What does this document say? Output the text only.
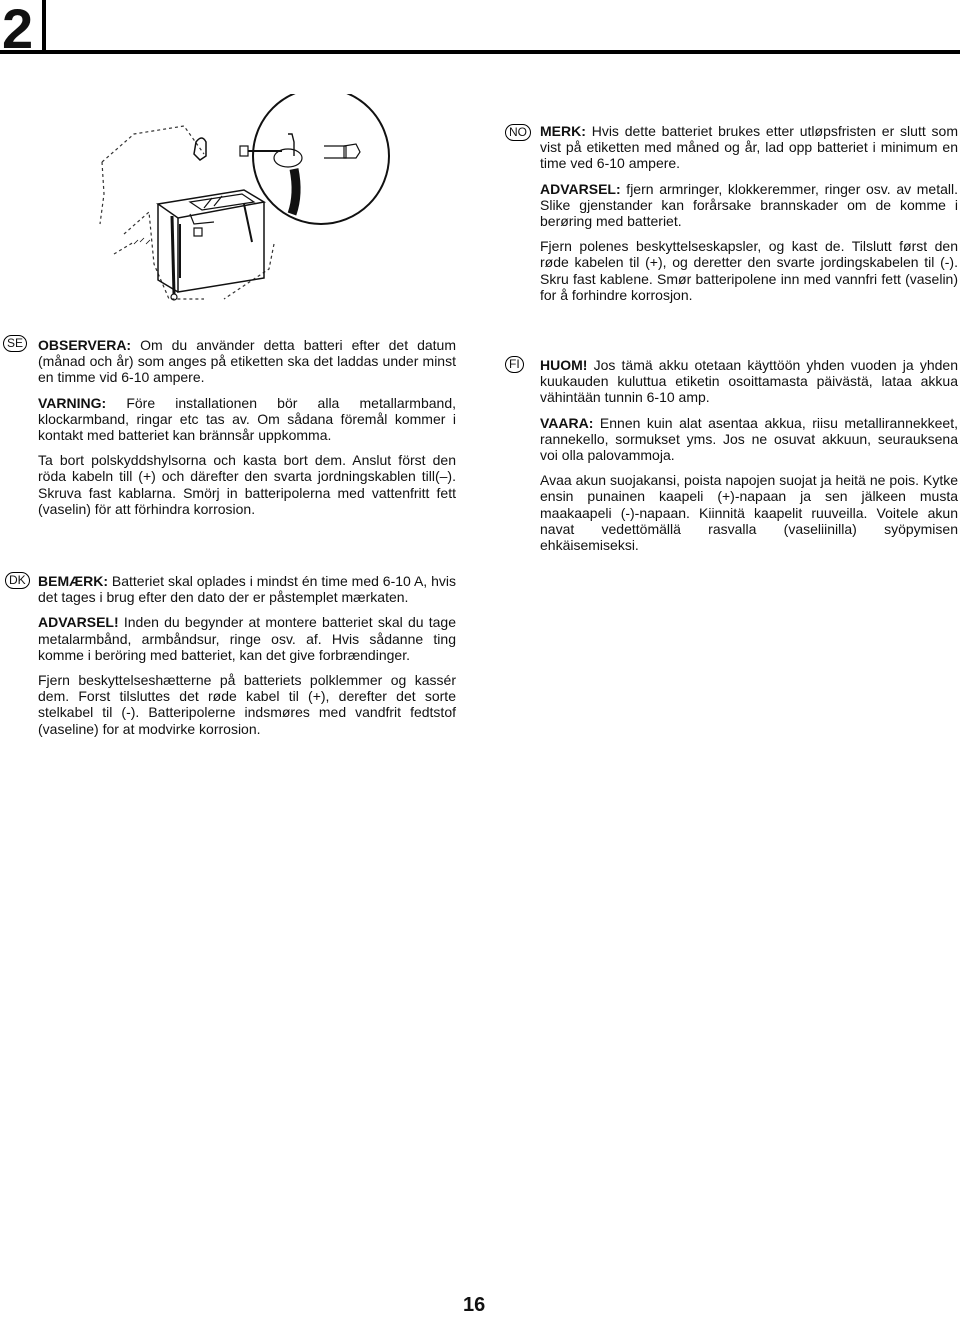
2
NO MERK: Hvis dette batteriet brukes etter utløpsfristen er slutt som vist på etiketten med måned og år, lad opp batteriet i minimum en time ved 6-10 ampere.

ADVARSEL: fjern armringer, klokkeremmer, ringer osv. av metall. Slike gjenstander kan forårsake brannskader om de komme i berøring med batteriet.

Fjern polenes beskyttelseskapsler, og kast de. Tilslutt først den røde kabelen til (+), og deretter den svarte jordingskabelen til (-). Skru fast kablene. Smør batteripolene inn med vannfri fett (vaselin) for å forhindre korrosjon.

SE OBSERVERA: Om du använder detta batteri efter det datum (månad och år) som anges på etiketten ska det laddas under minst en timme vid 6-10 ampere.

VARNING: Före installationen bör alla metallarmband, klockarmband, ringar etc tas av. Om sådana föremål kommer i kontakt med batteriet kan brännsår uppkomma.

Ta bort polskyddshylsorna och kasta bort dem. Anslut först den röda kabeln till (+) och därefter den svarta jordningskablen till(–). Skruva fast kablarna. Smörj in batteripolerna med vattenfritt fett (vaselin) för att förhindra korrosion.

FI HUOM! Jos tämä akku otetaan käyttöön yhden vuoden ja yhden kuukauden kuluttua etiketin osoittamasta päivästä, lataa akkua vähintään tunnin 6-10 amp.

VAARA: Ennen kuin alat asentaa akkua, riisu metallirannekkeet, rannekello, sormukset yms. Jos ne osuvat akkuun, seurauksena voi olla palovammoja.

Avaa akun suojakansi, poista napojen suojat ja heitä ne pois. Kytke ensin punainen kaapeli (+)-napaan ja sen jälkeen musta maakaapeli (-)-napaan. Kiinnitä kaapelit ruuveilla. Voitele akun navat vedettömällä rasvalla (vaseliinilla) syöpymisen ehkäisemiseksi.

DK BEMÆRK: Batteriet skal oplades i mindst én time med 6-10 A, hvis det tages i brug efter den dato der er påstemplet mærkaten.

ADVARSEL! Inden du begynder at montere batteriet skal du tage metalarmbånd, armbåndsur, ringe osv. af. Hvis sådanne ting komme i beröring med batteriet, kan det give forbrændinger.

Fjern beskyttelseshætterne på batteriets polklemmer og kassér dem. Forst tilsluttes det røde kabel til (+), derefter det sorte stelkabel til (-). Batteripolerne indsmøres med vandfrit fedtstof (vaseline) for at modvirke korrosion.

16
